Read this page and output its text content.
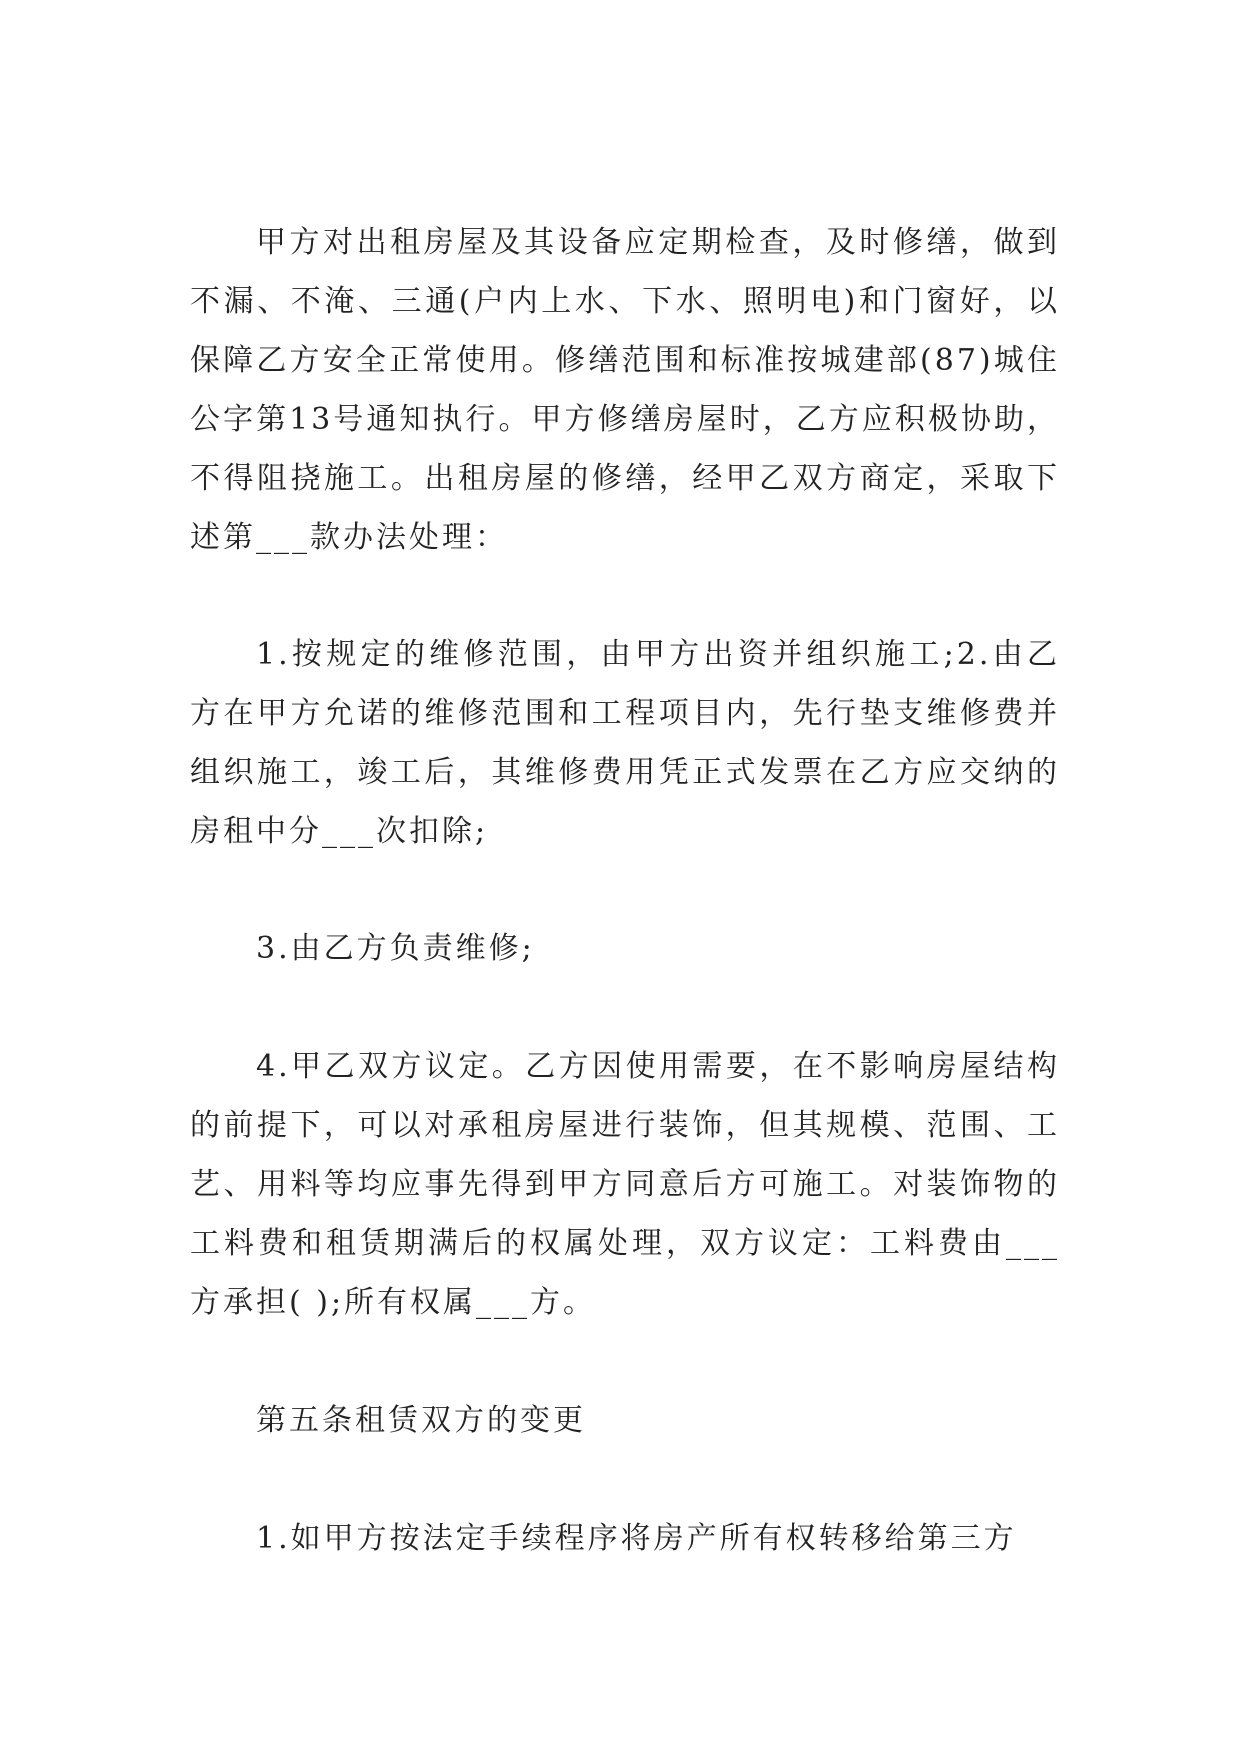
甲方对出租房屋及其设备应定期检查，及时修缮，做到不漏、不淹、三通(户内上水、下水、照明电)和门窗好，以保障乙方安全正常使用。修缮范围和标准按城建部(87)城住公字第13号通知执行。甲方修缮房屋时，乙方应积极协助，不得阻挠施工。出租房屋的修缮，经甲乙双方商定，采取下述第___款办法处理：

1.按规定的维修范围，由甲方出资并组织施工;2.由乙方在甲方允诺的维修范围和工程项目内，先行垫支维修费并组织施工，竣工后，其维修费用凭正式发票在乙方应交纳的房租中分___次扣除;

3.由乙方负责维修;

4.甲乙双方议定。乙方因使用需要，在不影响房屋结构的前提下，可以对承租房屋进行装饰，但其规模、范围、工艺、用料等均应事先得到甲方同意后方可施工。对装饰物的工料费和租赁期满后的权属处理，双方议定：工料费由___方承担( );所有权属___方。

第五条租赁双方的变更

1.如甲方按法定手续程序将房产所有权转移给第三方
